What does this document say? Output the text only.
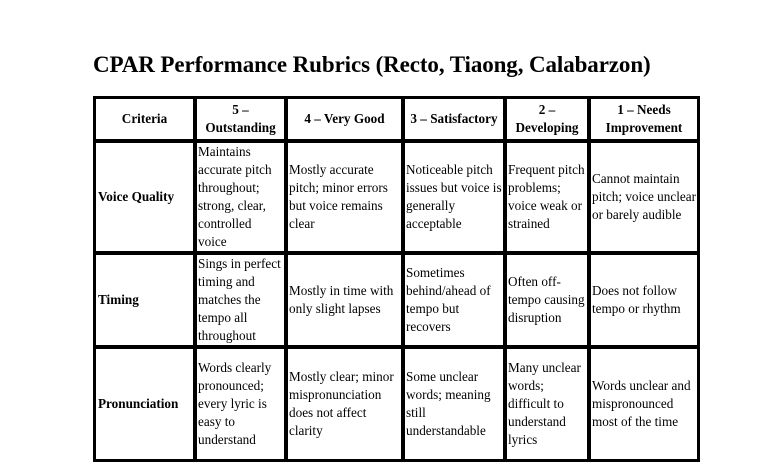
CPAR Performance Rubrics (Recto, Tiaong, Calabarzon)
Criteria	5 – Outstanding	4 – Very Good	3 – Satisfactory	2 – Developing	1 – Needs Improvement
Voice Quality	Maintains accurate pitch throughout; strong, clear, controlled voice	Mostly accurate pitch; minor errors but voice remains clear	Noticeable pitch issues but voice is generally acceptable	Frequent pitch problems; voice weak or strained	Cannot maintain pitch; voice unclear or barely audible
Timing	Sings in perfect timing and matches the tempo all throughout	Mostly in time with only slight lapses	Sometimes behind/ahead of tempo but recovers	Often off-tempo causing disruption	Does not follow tempo or rhythm
Pronunciation	Words clearly pronounced; every lyric is easy to understand	Mostly clear; minor mispronunciation does not affect clarity	Some unclear words; meaning still understandable	Many unclear words; difficult to understand lyrics	Words unclear and mispronounced most of the time
